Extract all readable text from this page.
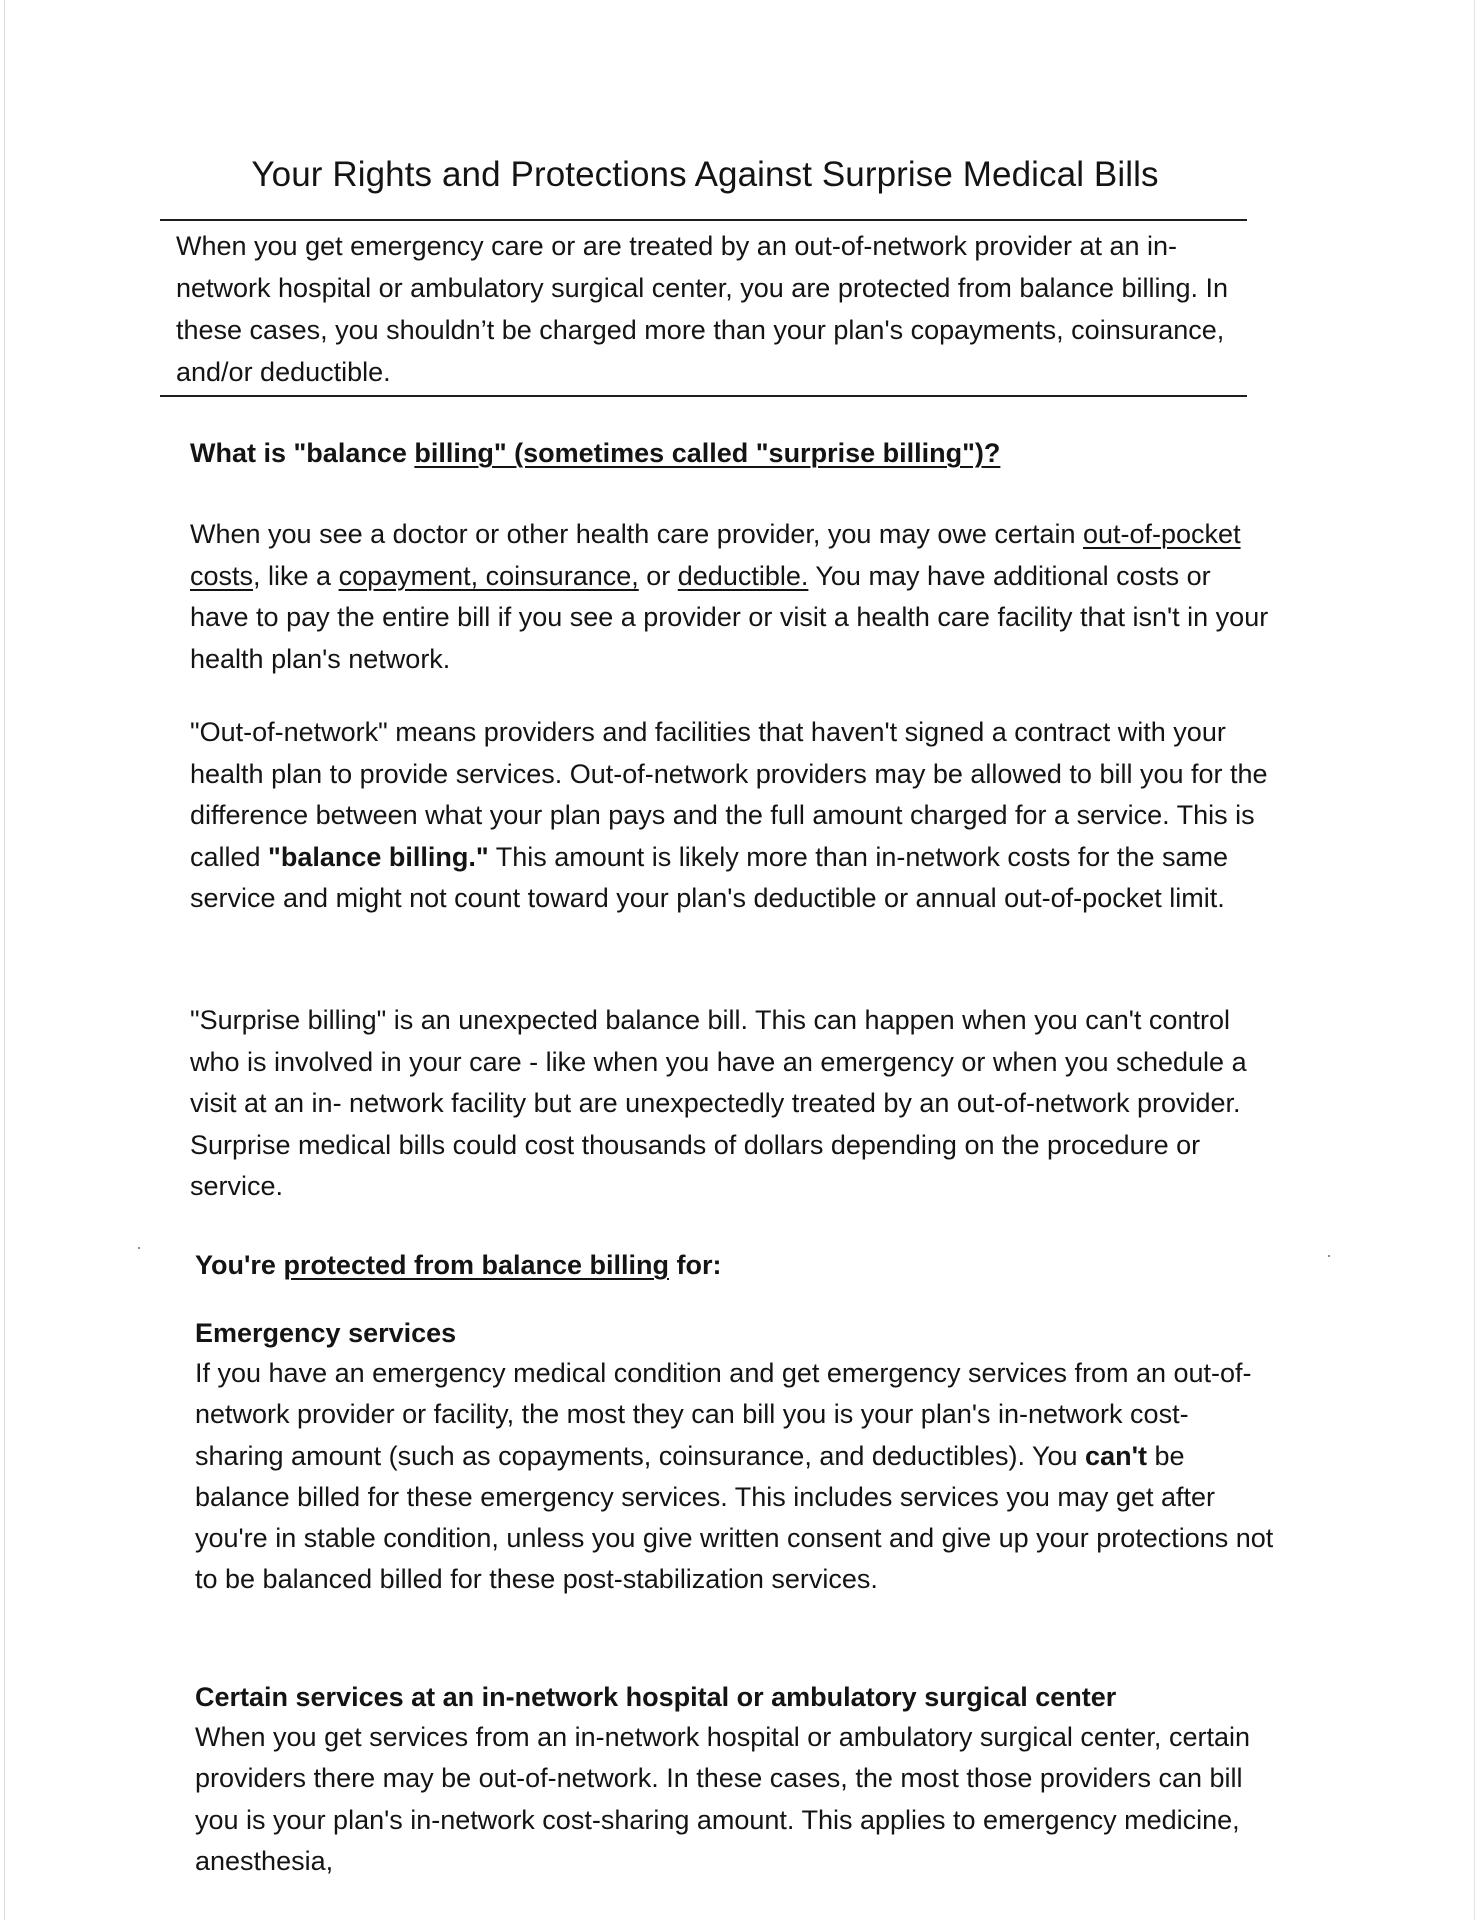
Your Rights and Protections Against Surprise Medical Bills

When you get emergency care or are treated by an out-of-network provider at an in-network hospital or ambulatory surgical center, you are protected from balance billing. In these cases, you shouldn’t be charged more than your plan's copayments, coinsurance, and/or deductible.

What is "balance billing" (sometimes called "surprise billing")?

When you see a doctor or other health care provider, you may owe certain out-of-pocket costs, like a copayment, coinsurance, or deductible. You may have additional costs or have to pay the entire bill if you see a provider or visit a health care facility that isn't in your health plan's network.

"Out-of-network" means providers and facilities that haven't signed a contract with your health plan to provide services. Out-of-network providers may be allowed to bill you for the difference between what your plan pays and the full amount charged for a service. This is called "balance billing." This amount is likely more than in-network costs for the same service and might not count toward your plan's deductible or annual out-of-pocket limit.

"Surprise billing" is an unexpected balance bill. This can happen when you can't control who is involved in your care - like when you have an emergency or when you schedule a visit at an in- network facility but are unexpectedly treated by an out-of-network provider. Surprise medical bills could cost thousands of dollars depending on the procedure or service.

You're protected from balance billing for:
Emergency services

If you have an emergency medical condition and get emergency services from an out-of-network provider or facility, the most they can bill you is your plan's in-network cost-sharing amount (such as copayments, coinsurance, and deductibles). You can't be balance billed for these emergency services. This includes services you may get after you're in stable condition, unless you give written consent and give up your protections not to be balanced billed for these post-stabilization services.

Certain services at an in-network hospital or ambulatory surgical center

When you get services from an in-network hospital or ambulatory surgical center, certain providers there may be out-of-network. In these cases, the most those providers can bill you is your plan's in-network cost-sharing amount. This applies to emergency medicine, anesthesia,
